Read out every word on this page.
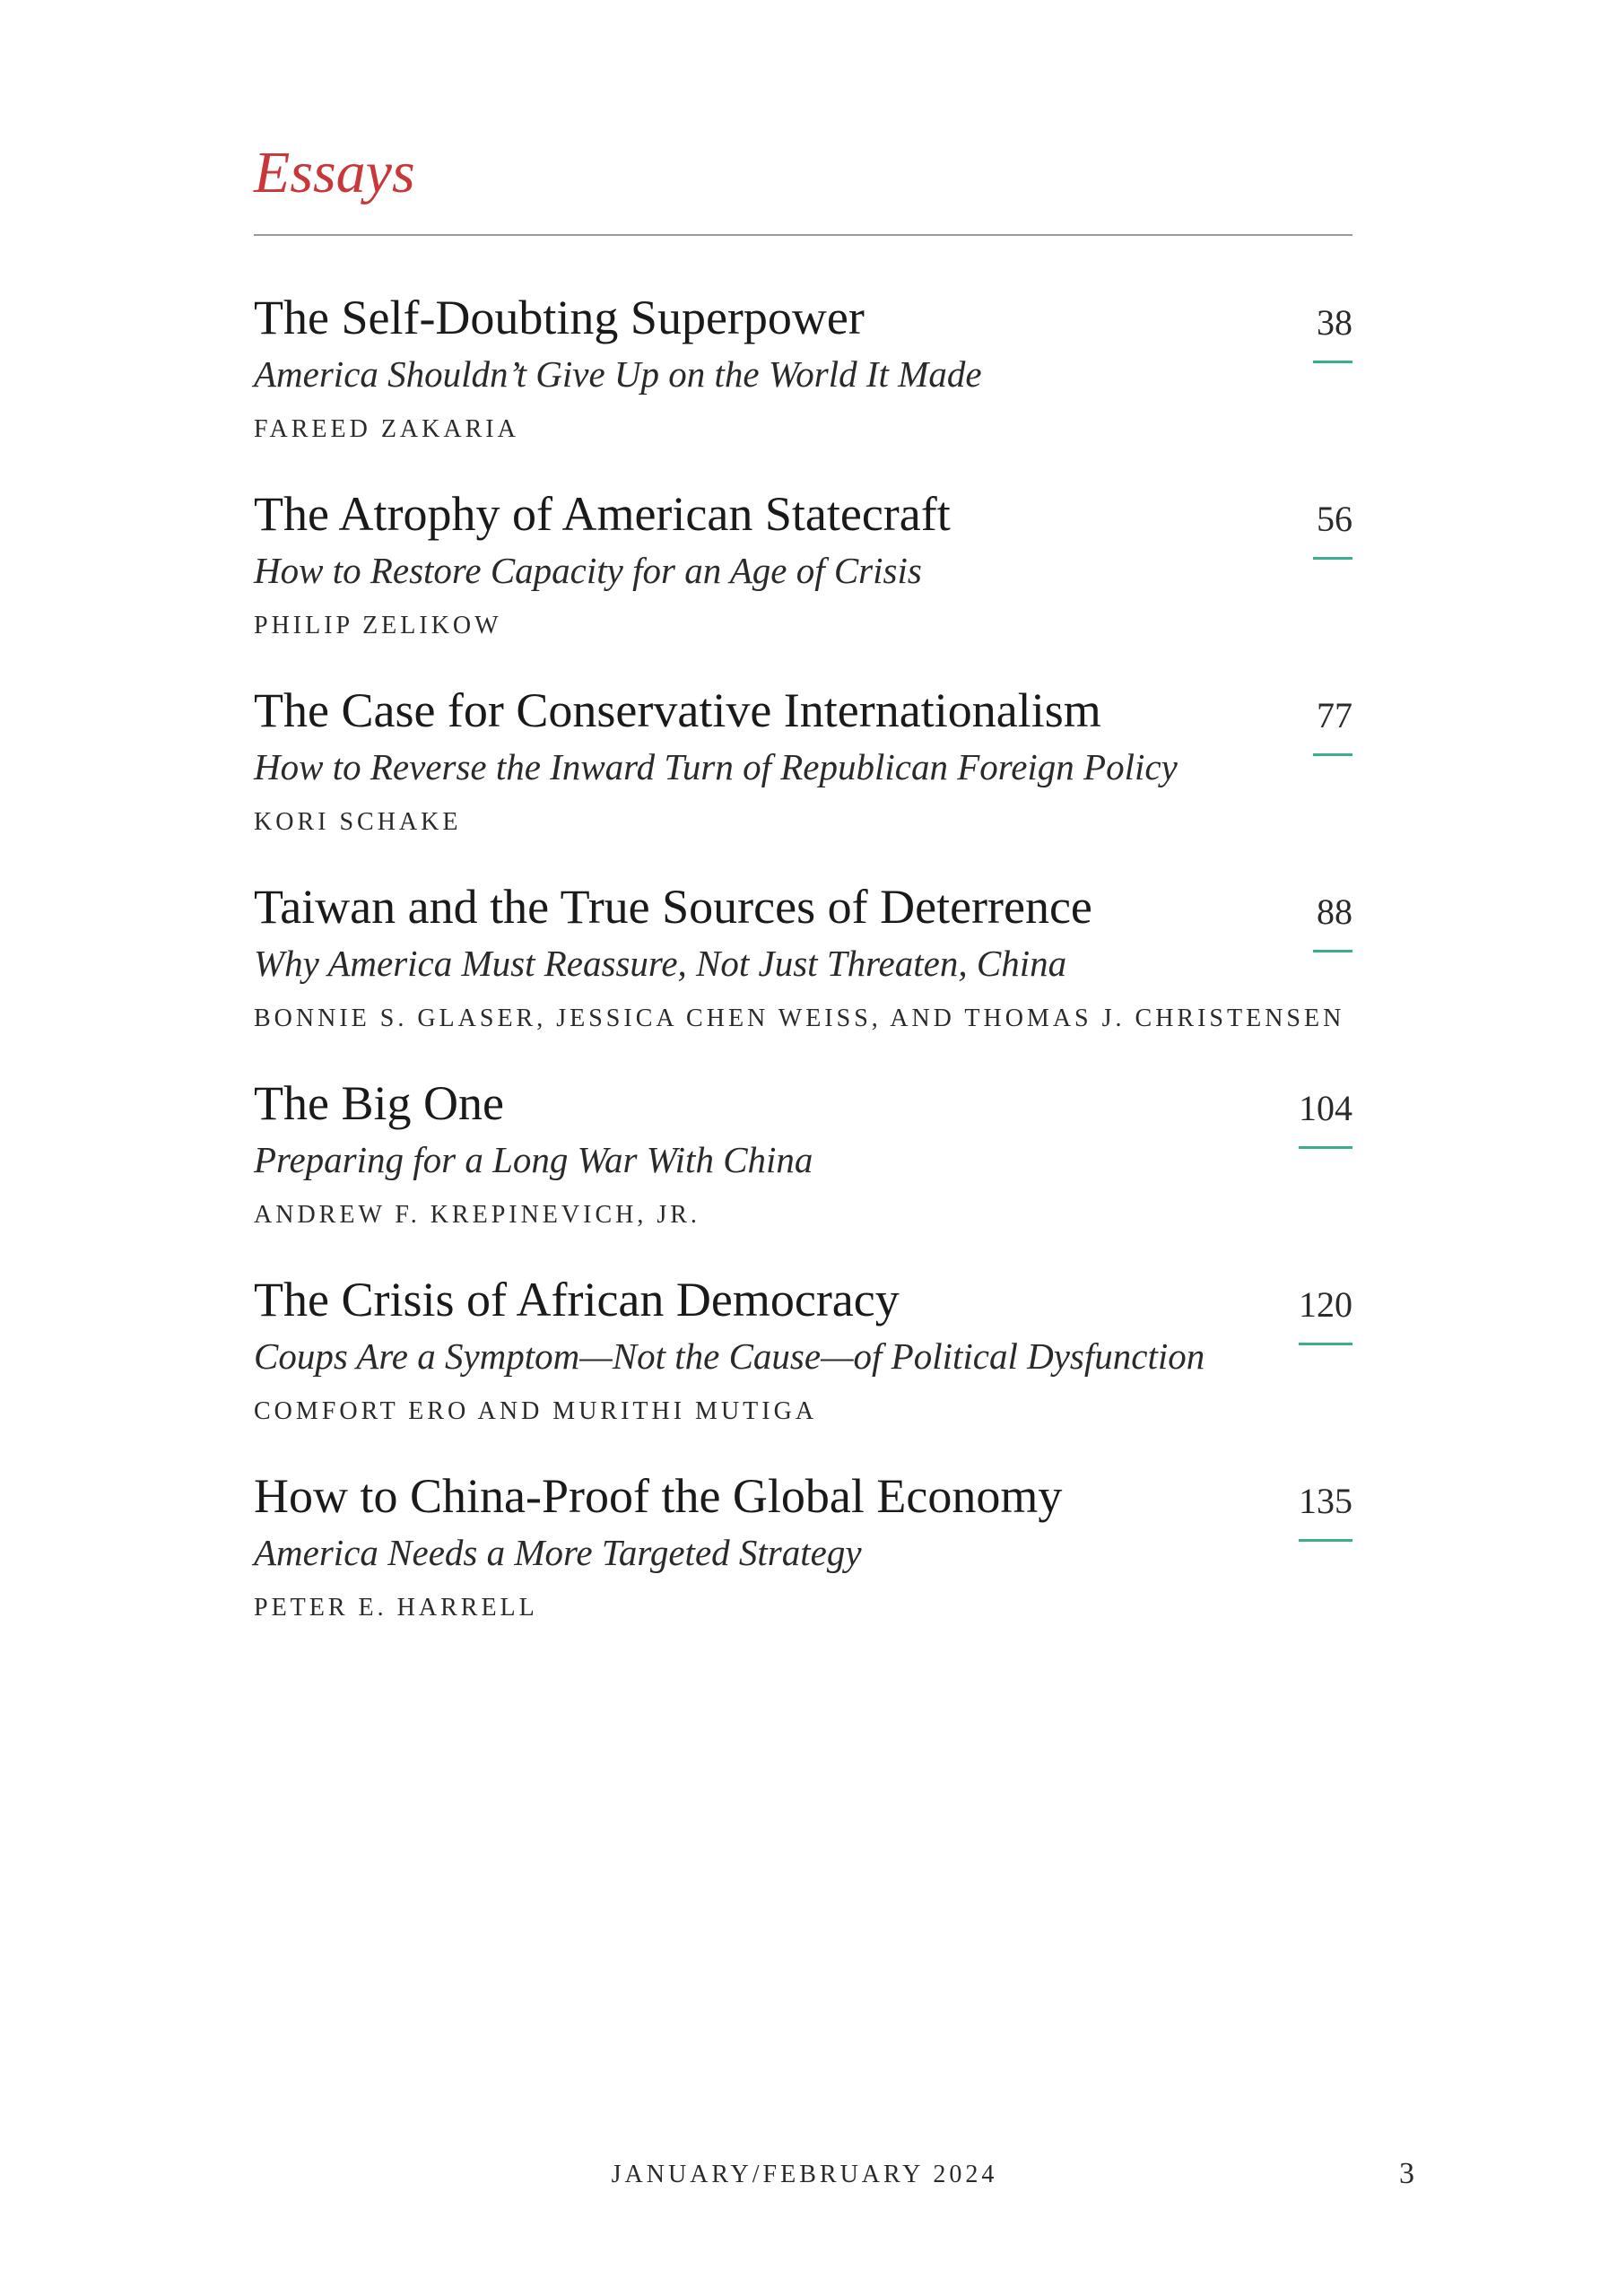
Essays
The Self-Doubting Superpower

America Shouldn’t Give Up on the World It Made

FAREED ZAKARIA

38
The Atrophy of American Statecraft

How to Restore Capacity for an Age of Crisis

PHILIP ZELIKOW

56
The Case for Conservative Internationalism

How to Reverse the Inward Turn of Republican Foreign Policy

KORI SCHAKE

77
Taiwan and the True Sources of Deterrence

Why America Must Reassure, Not Just Threaten, China

BONNIE S. GLASER, JESSICA CHEN WEISS, AND THOMAS J. CHRISTENSEN

88
The Big One

Preparing for a Long War With China

ANDREW F. KREPINEVICH, JR.

104
The Crisis of African Democracy

Coups Are a Symptom—Not the Cause—of Political Dysfunction

COMFORT ERO AND MURITHI MUTIGA

120
How to China-Proof the Global Economy

America Needs a More Targeted Strategy

PETER E. HARRELL

135

JANUARY/FEBRUARY 2024	3
